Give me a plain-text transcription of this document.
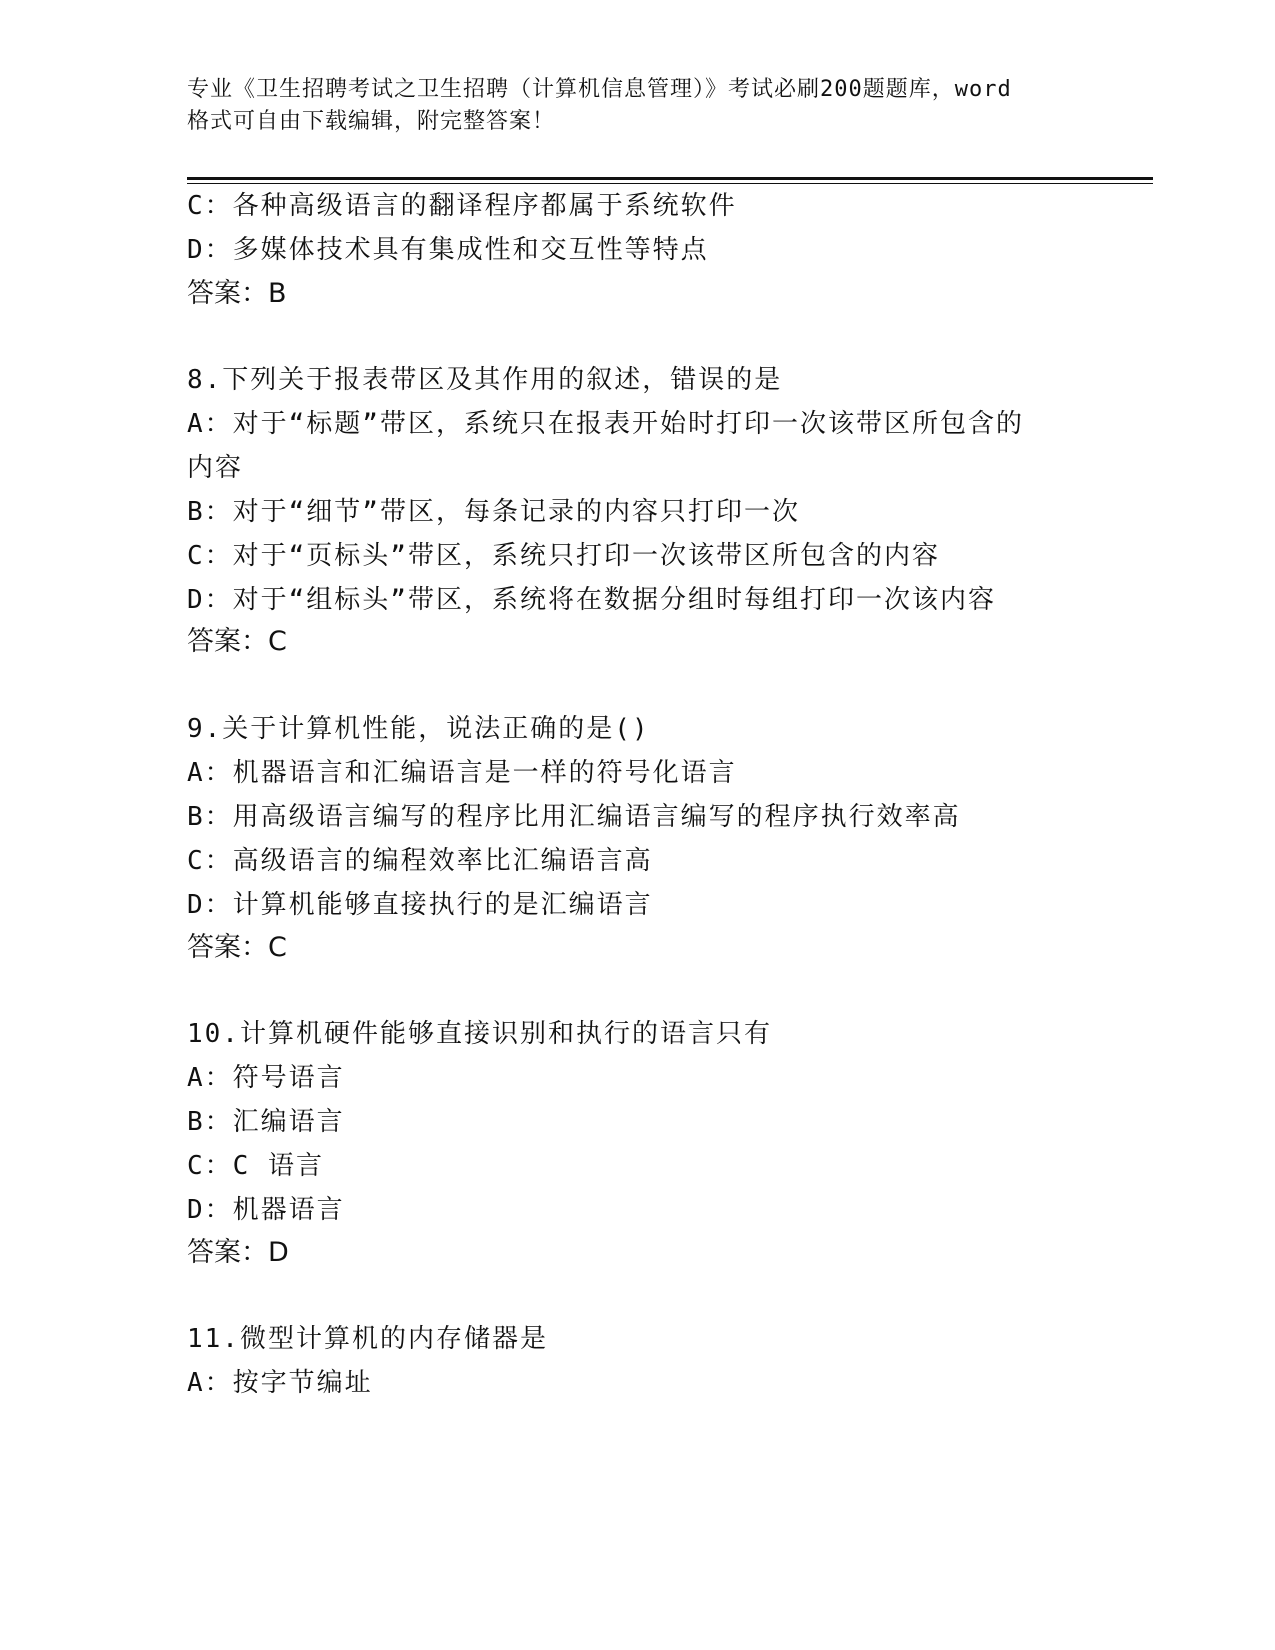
专业《卫生招聘考试之卫生招聘（计算机信息管理）》考试必刷200题题库，word
格式可自由下载编辑，附完整答案！
C：各种高级语言的翻译程序都属于系统软件
D：多媒体技术具有集成性和交互性等特点
答案：B
8.下列关于报表带区及其作用的叙述，错误的是
A：对于“标题”带区，系统只在报表开始时打印一次该带区所包含的
内容
B：对于“细节”带区，每条记录的内容只打印一次
C：对于“页标头”带区，系统只打印一次该带区所包含的内容
D：对于“组标头”带区，系统将在数据分组时每组打印一次该内容
答案：C
9.关于计算机性能，说法正确的是()
A：机器语言和汇编语言是一样的符号化语言
B：用高级语言编写的程序比用汇编语言编写的程序执行效率高
C：高级语言的编程效率比汇编语言高
D：计算机能够直接执行的是汇编语言
答案：C
10.计算机硬件能够直接识别和执行的语言只有
A：符号语言
B：汇编语言
C：C 语言
D：机器语言
答案：D
11.微型计算机的内存储器是
A：按字节编址
